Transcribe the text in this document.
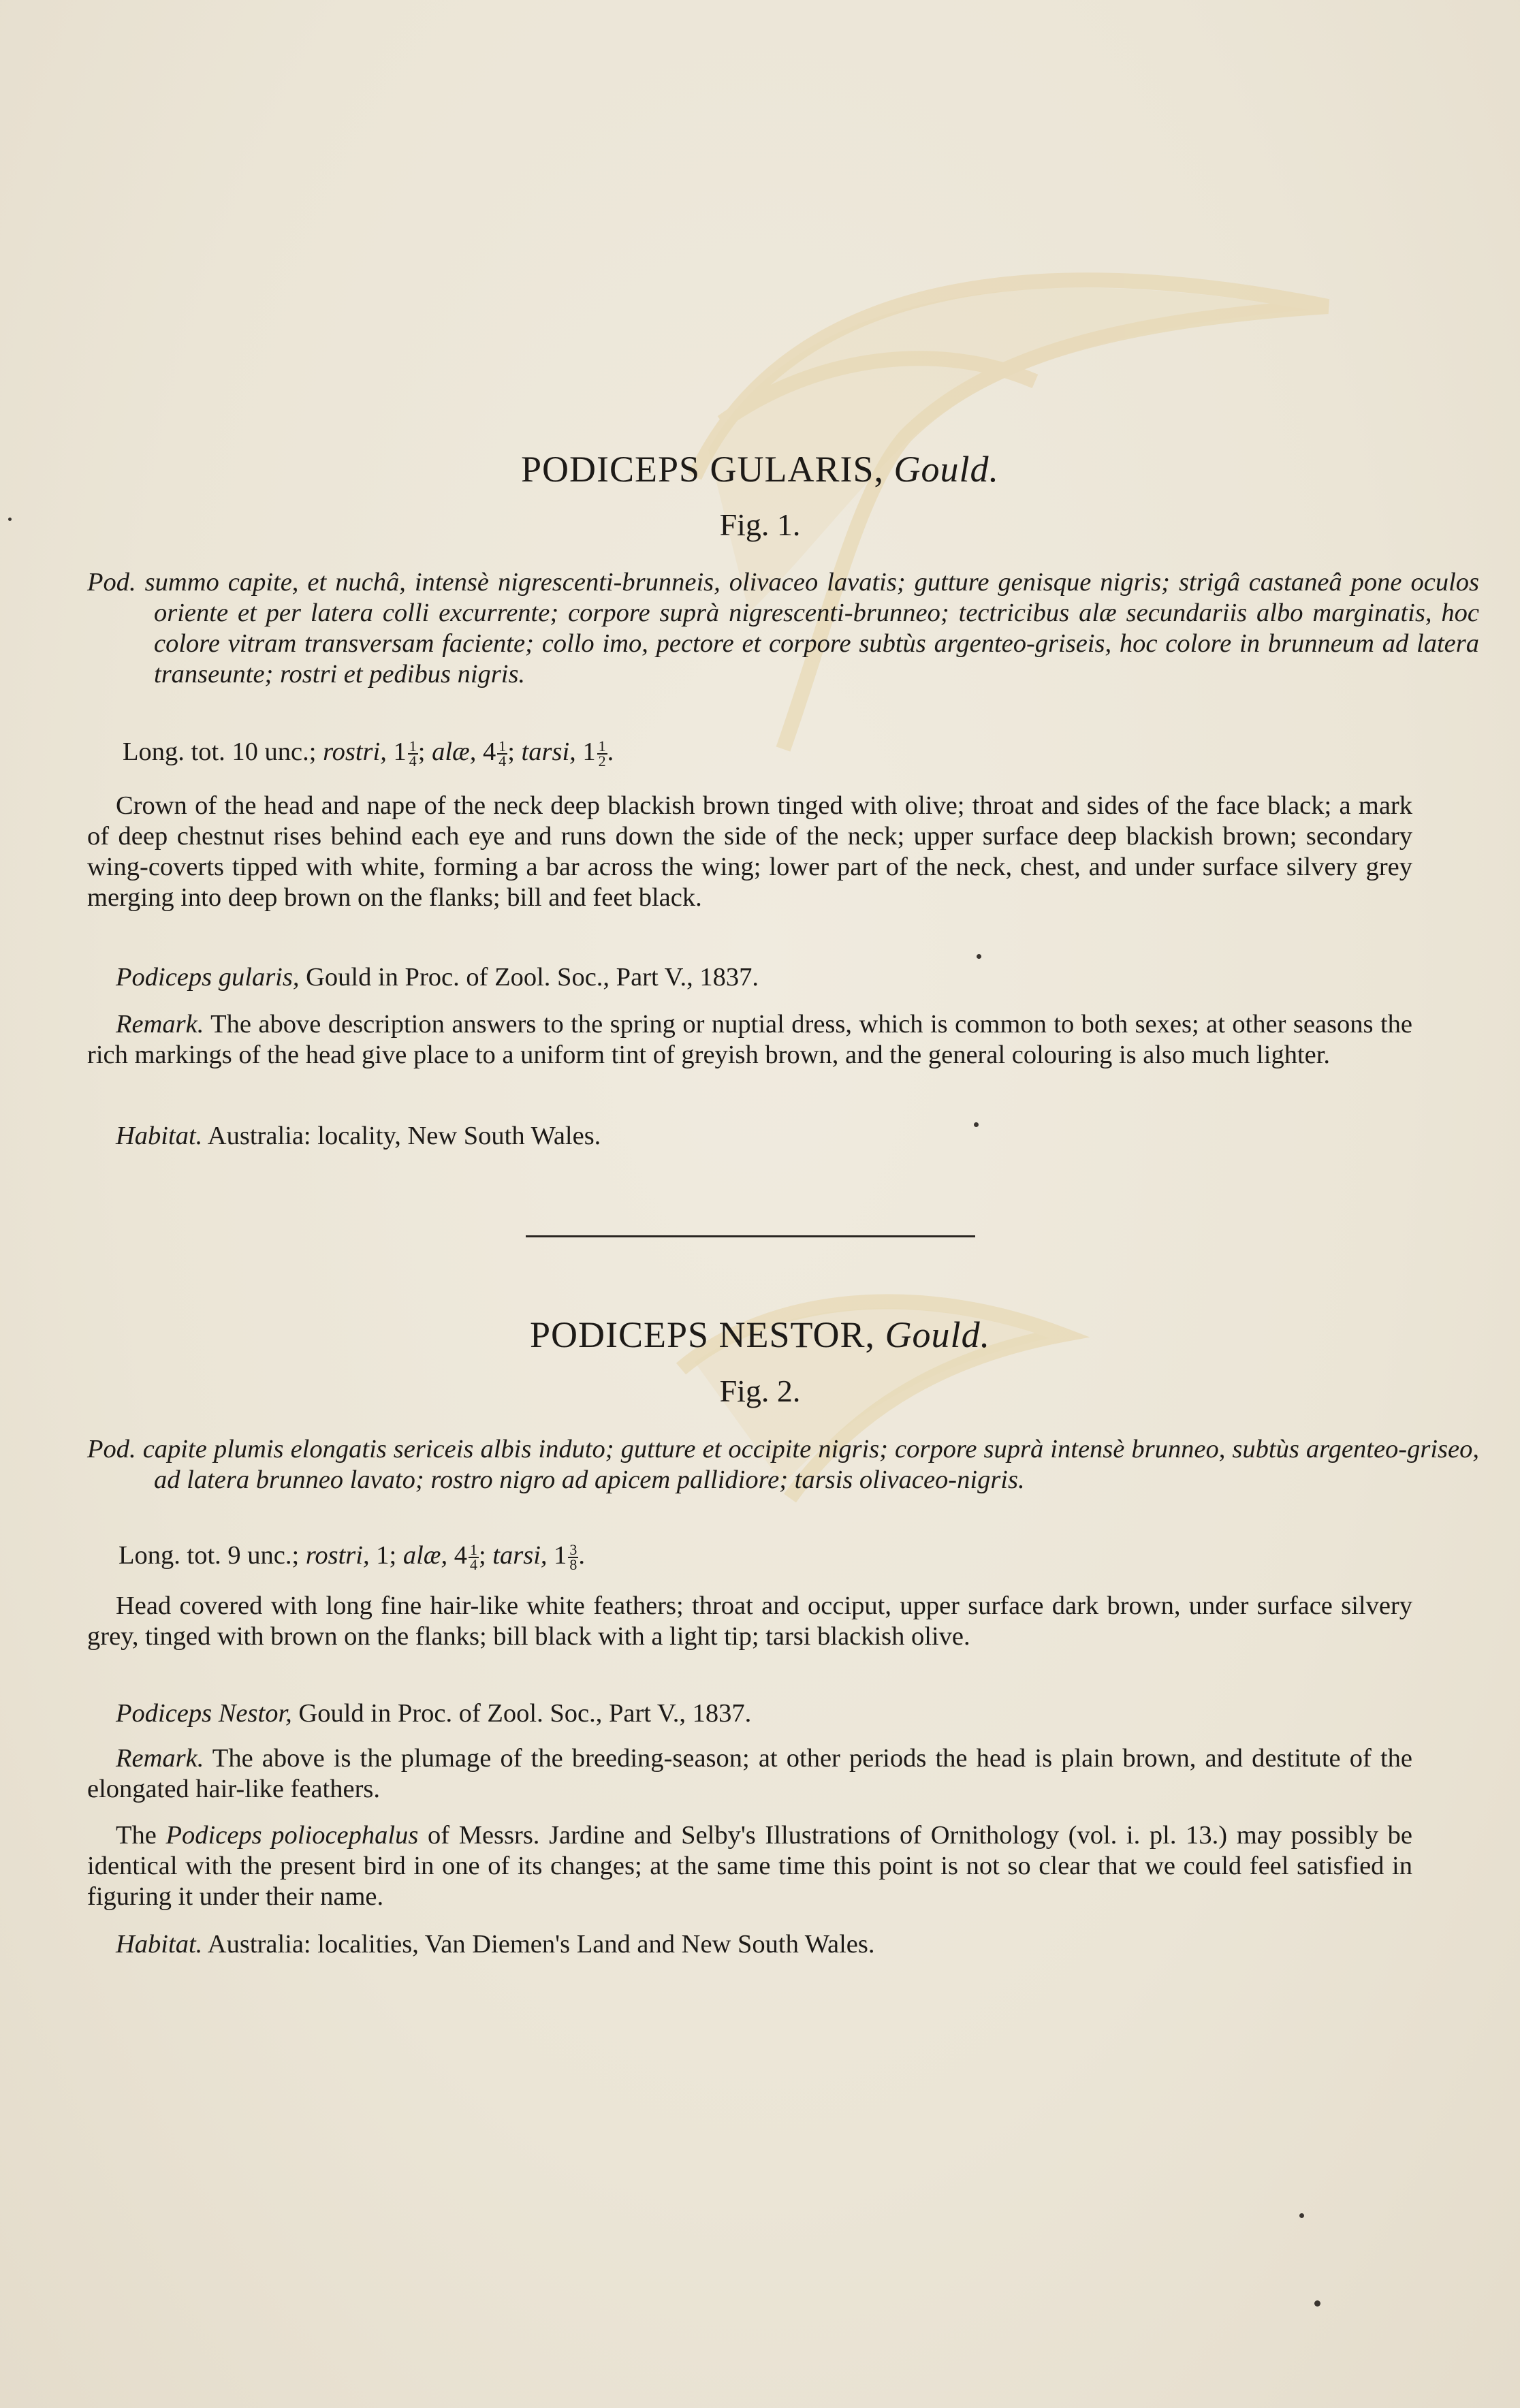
PODICEPS GULARIS, Gould.
Fig. 1.
Pod. summo capite, et nuchâ, intensè nigrescenti-brunneis, olivaceo lavatis; gutture genisque nigris; strigâ castaneâ pone oculos oriente et per latera colli excurrente; corpore suprà nigrescenti-brunneo; tectricibus alæ secundariis albo marginatis, hoc colore vitram transversam faciente; collo imo, pectore et corpore subtùs argenteo-griseis, hoc colore in brunneum ad latera transeunte; rostri et pedibus nigris.
Long. tot. 10 unc.; rostri, $1 \frac{1}{4}$ ; alæ, $4 \frac{1}{4}$ ; tarsi, $1 \frac{1}{2}$ .
Crown of the head and nape of the neck deep blackish brown tinged with olive; throat and sides of the face black; a mark of deep chestnut rises behind each eye and runs down the side of the neck; upper surface deep blackish brown; secondary wing-coverts tipped with white, forming a bar across the wing; lower part of the neck, chest, and under surface silvery grey merging into deep brown on the flanks; bill and feet black.
Podiceps gularis, Gould in Proc. of Zool. Soc., Part V., 1837.
Remark. The above description answers to the spring or nuptial dress, which is common to both sexes; at other seasons the rich markings of the head give place to a uniform tint of greyish brown, and the general colouring is also much lighter.
Habitat. Australia: locality, New South Wales.
PODICEPS NESTOR, Gould.
Fig. 2.
Pod. capite plumis elongatis sericeis albis induto; gutture et occipite nigris; corpore suprà intensè brunneo, subtùs argenteo-griseo, ad latera brunneo lavato; rostro nigro ad apicem pallidiore; tarsis olivaceo-nigris.
Long. tot. 9 unc.; rostri, 1; alæ, $4 \frac{1}{4}$ ; tarsi, $1 \frac{3}{8}$ .
Head covered with long fine hair-like white feathers; throat and occiput, upper surface dark brown, under surface silvery grey, tinged with brown on the flanks; bill black with a light tip; tarsi blackish olive.
Podiceps Nestor, Gould in Proc. of Zool. Soc., Part V., 1837.
Remark. The above is the plumage of the breeding-season; at other periods the head is plain brown, and destitute of the elongated hair-like feathers.
The Podiceps poliocephalus of Messrs. Jardine and Selby's Illustrations of Ornithology (vol. i. pl. 13.) may possibly be identical with the present bird in one of its changes; at the same time this point is not so clear that we could feel satisfied in figuring it under their name.
Habitat. Australia: localities, Van Diemen's Land and New South Wales.
